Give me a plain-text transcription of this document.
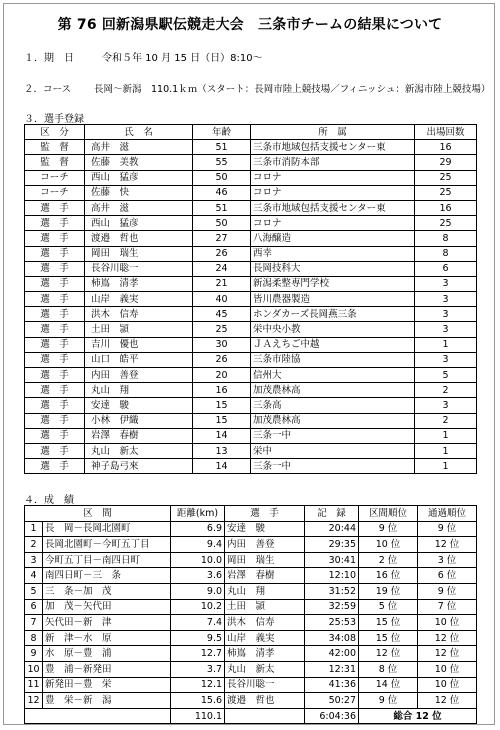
第 76 回新潟県駅伝競走大会　三条市チームの結果について
１．期　日	令和５年 10 月 15 日（日）8:10～
２．コース 長岡～新潟　110.1ｋｍ（スタート：長岡市陸上競技場／フィニッシュ：新潟市陸上競技場）
３．選手登録
区　分	氏　名	年齢	所　属	出場回数
監　督	高井　滋	51	三条市地域包括支援センター東	16
監　督	佐藤　美教	55	三条市消防本部	29
コーチ	西山　猛彦	50	コロナ	25
コーチ	佐藤　快	46	コロナ	25
選　手	高井　滋	51	三条市地域包括支援センター東	16
選　手	西山　猛彦	50	コロナ	25
選　手	渡邉　哲也	27	八海醸造	8
選　手	岡田　瑞生	26	西幸	8
選　手	長谷川聡一	24	長岡技科大	6
選　手	柿嶌　清孝	21	新潟柔整専門学校	3
選　手	山岸　義実	40	皆川農器製造	3
選　手	洪木　信寿	45	ホンダカーズ長岡燕三条	3
選　手	土田　頴	25	栄中央小教	3
選　手	吉川　優也	30	ＪＡえちご中越	1
選　手	山口　皓平	26	三条市陸協	3
選　手	内田　善登	20	信州大	5
選　手	丸山　翔	16	加茂農林高	2
選　手	安達　駿	15	三条高	3
選　手	小林　伊織	15	加茂農林高	2
選　手	岩澤　春樹	14	三条一中	1
選　手	丸山　新太	13	栄中	1
選　手	神子島弓來	14	三条一中	1
４．成　績
区　間		距離(km)	選　手	記　録	区間順位	通過順位
1	長　岡－長岡北園町	6.9	安達　駿	20:44	9 位	9 位
2	長岡北園町－今町五丁目	9.4	内田　善登	29:35	10 位	12 位
3	今町五丁目－南四日町	10.0	岡田　瑞生	30:41	2 位	3 位
4	南四日町－三　条	3.6	岩澤　春樹	12:10	16 位	6 位
5	三　条－加　茂	9.0	丸山　翔	31:52	19 位	9 位
6	加　茂－矢代田	10.2	土田　頴	32:59	5 位	7 位
7	矢代田－新　津	7.4	洪木　信寿	25:53	15 位	10 位
8	新　津－水　原	9.5	山岸　義実	34:08	15 位	12 位
9	水　原－豊　浦	12.7	柿嶌　清孝	42:00	12 位	12 位
10	豊　浦－新発田	3.7	丸山　新太	12:31	8 位	10 位
11	新発田－豊　栄	12.1	長谷川聡一	41:36	14 位	10 位
12	豊　栄－新　潟	15.6	渡邉　哲也	50:27	9 位	12 位
		110.1		6:04:36	総合 12 位	
